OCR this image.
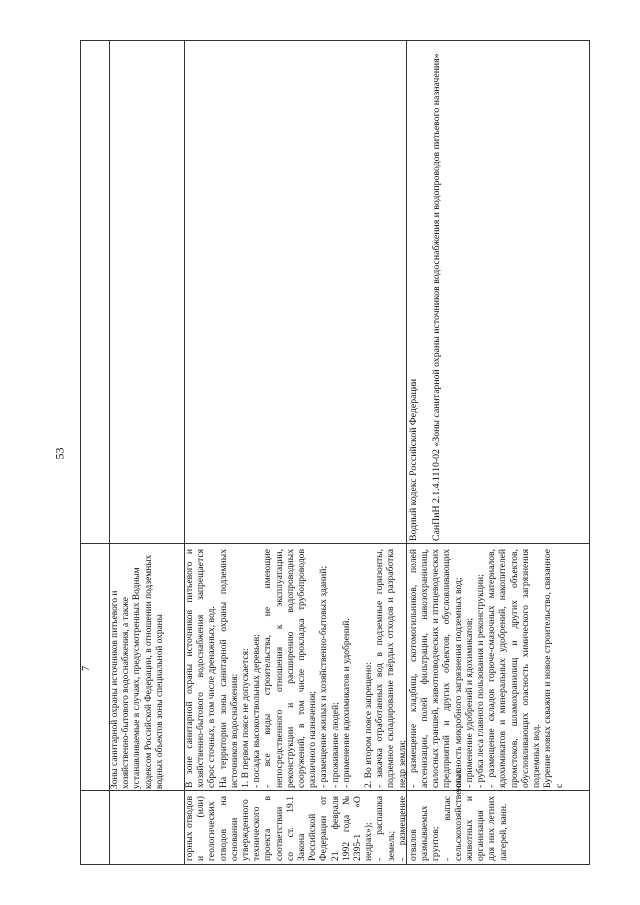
53

горных отводов и (или) геологических отводов на основании утвержденного технического проекта в соответствии со ст. 19.1 Закона Российской Федерации от 21 февраля 1992 года № 2395-1 «О недрах»); - распашка земель; - размещение отвалов размываемых грунтов; - выпас сельскохозяйственных животных и организация для них летних лагерей, ванн.

7	Зоны санитарной охраны источников питьевого и хозяйственно-бытового водоснабжения, а также устанавливаемые в случаях, предусмотренных Водным кодексом Российской Федерации, в отношении подземных водных объектов зоны специальной охраны В зоне санитарной охраны источников питьевого и хозяйственно-бытового водоснабжения запрещается сброс сточных, в том числе дренажных, вод. На территории зоны санитарной охраны подземных источников водоснабжения: 1. В первом поясе не допускается: - посадка высокоствольных деревьев; - все виды строительства, не имеющие непосредственного отношения к эксплуатации, реконструкции и расширению водопроводных сооружений, в том числе прокладка трубопроводов различного назначения; - размещение жилых и хозяйственно-бытовых зданий; - проживание людей; - применение ядохимикатов и удобрений. 2. Во втором поясе запрещено: - закачка отработанных вод в подземные горизонты, подземное складирование твёрдых отходов и разработка недр земли; - размещение кладбищ, скотомогильников, полей ассенизации, полей фильтрации, навозохранилищ, силосных траншей, животноводческих и птицеводческих предприятий и других объектов, обусловливающих опасность микробного загрязнения подземных вод; - применение удобрений и ядохимикатов; - рубка леса главного пользования и реконструкции; - размещение складов горюче-смазочных материалов, ядохимикатов и минеральных удобрений, накопителей промстоков, шламохранилищ и других объектов, обусловливающих опасность химического загрязнения подземных вод. Бурение новых скважин и новое строительство, связанное с

Водный кодекс Российской Федерации СанПиН 2.1.4.1110-02 «Зоны санитарной охраны источников водоснабжения и водопроводов питьевого назначения»
